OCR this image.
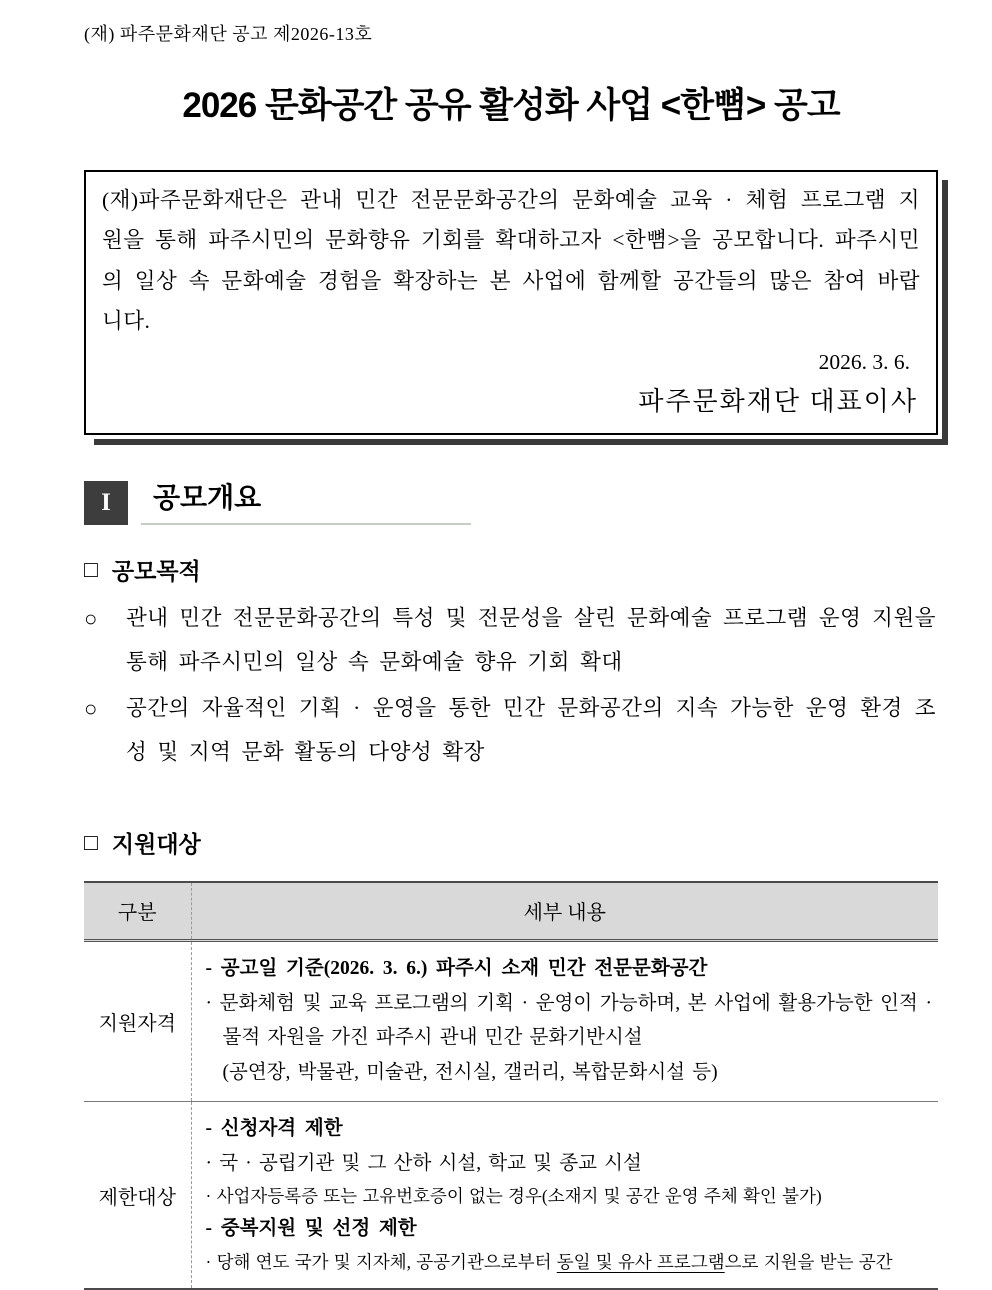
(재) 파주문화재단 공고 제2026-13호
2026 문화공간 공유 활성화 사업 <한뼘> 공고

(재)파주문화재단은 관내 민간 전문문화공간의 문화예술 교육 · 체험 프로그램 지원을 통해 파주시민의 문화향유 기회를 확대하고자 <한뼘>을 공모합니다. 파주시민의 일상 속 문화예술 경험을 확장하는 본 사업에 함께할 공간들의 많은 참여 바랍니다.

2026. 3. 6.
파주문화재단 대표이사
I	공모개요
□ 공모목적
○	관내 민간 전문문화공간의 특성 및 전문성을 살린 문화예술 프로그램 운영 지원을 통해 파주시민의 일상 속 문화예술 향유 기회 확대
○	공간의 자율적인 기획 · 운영을 통한 민간 문화공간의 지속 가능한 운영 환경 조성 및 지역 문화 활동의 다양성 확장
□ 지원대상
구분	세부 내용
지원자격	- 공고일 기준(2026. 3. 6.) 파주시 소재 민간 전문문화공간
· 문화체험 및 교육 프로그램의 기획 · 운영이 가능하며, 본 사업에 활용가능한 인적 · 물적 자원을 가진 파주시 관내 민간 문화기반시설
(공연장, 박물관, 미술관, 전시실, 갤러리, 복합문화시설 등)

제한대상	- 신청자격 제한
· 국 · 공립기관 및 그 산하 시설, 학교 및 종교 시설
· 사업자등록증 또는 고유번호증이 없는 경우(소재지 및 공간 운영 주체 확인 불가)
- 중복지원 및 선정 제한
· 당해 연도 국가 및 지자체, 공공기관으로부터 동일 및 유사 프로그램으로 지원을 받는 공간
